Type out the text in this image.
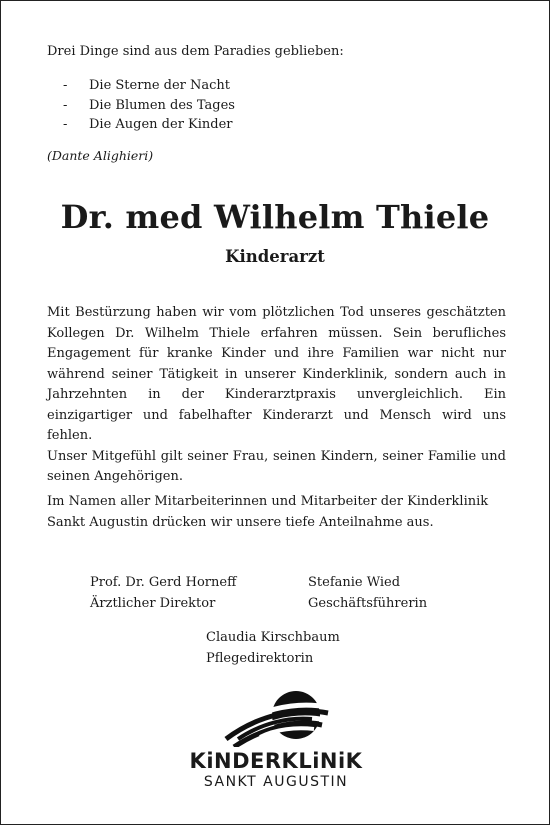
Drei Dinge sind aus dem Paradies geblieben:
-	Die Sterne der Nacht
-	Die Blumen des Tages
-	Die Augen der Kinder
(Dante Alighieri)
Dr. med Wilhelm Thiele
Kinderarzt

Mit Bestürzung haben wir vom plötzlichen Tod unseres geschätzten Kollegen Dr. Wilhelm Thiele erfahren müssen. Sein berufliches Engagement für kranke Kinder und ihre Familien war nicht nur während seiner Tätigkeit in unserer Kinderklinik, sondern auch in Jahrzehnten in der Kinderarztpraxis unvergleichlich. Ein einzigartiger und fabelhafter Kinderarzt und Mensch wird uns fehlen.

Unser Mitgefühl gilt seiner Frau, seinen Kindern, seiner Familie und seinen Angehörigen.

Im Namen aller Mitarbeiterinnen und Mitarbeiter der Kinderklinik Sankt Augustin drücken wir unsere tiefe Anteilnahme aus.
Prof. Dr. Gerd Horneff
Ärztlicher Direktor
Stefanie Wied
Geschäftsführerin
Claudia Kirschbaum
Pflegedirektorin
KiNDERKLiNiK
SANKT AUGUSTIN
